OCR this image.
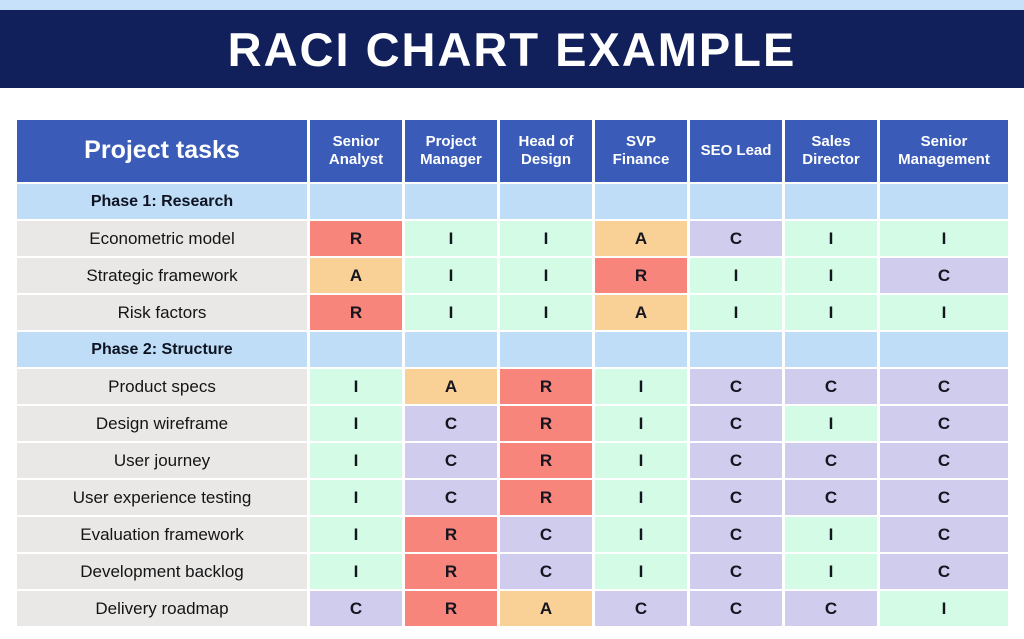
RACI CHART EXAMPLE
Project tasks	Senior Analyst	Project Manager	Head of Design	SVP Finance	SEO Lead	Sales Director	Senior Management
Phase 1: Research							
Econometric model	R	I	I	A	C	I	I
Strategic framework	A	I	I	R	I	I	C
Risk factors	R	I	I	A	I	I	I
Phase 2: Structure							
Product specs	I	A	R	I	C	C	C
Design wireframe	I	C	R	I	C	I	C
User journey	I	C	R	I	C	C	C
User experience testing	I	C	R	I	C	C	C
Evaluation framework	I	R	C	I	C	I	C
Development backlog	I	R	C	I	C	I	C
Delivery roadmap	C	R	A	C	C	C	I
